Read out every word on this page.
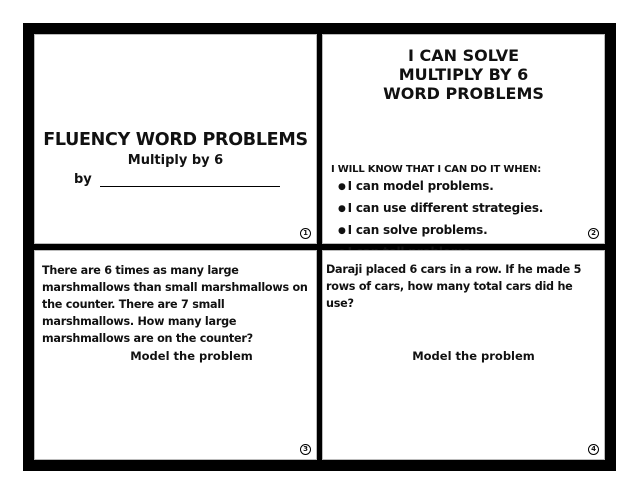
FLUENCY WORD PROBLEMS
Multiply by 6
by
1
I CAN SOLVE
MULTIPLY BY 6
WORD PROBLEMS
I WILL KNOW THAT I CAN DO IT WHEN:
● I can model problems.
● I can use different strategies.
● I can solve problems.
●	2
There are 6 times as many large marshmallows than small marshmallows on the counter. There are 7 small marshmallows. How many large marshmallows are on the counter?
Model the problem
3
Daraji placed 6 cars in a row. If he made 5 rows of cars, how many total cars did he use?
Model the problem
4
